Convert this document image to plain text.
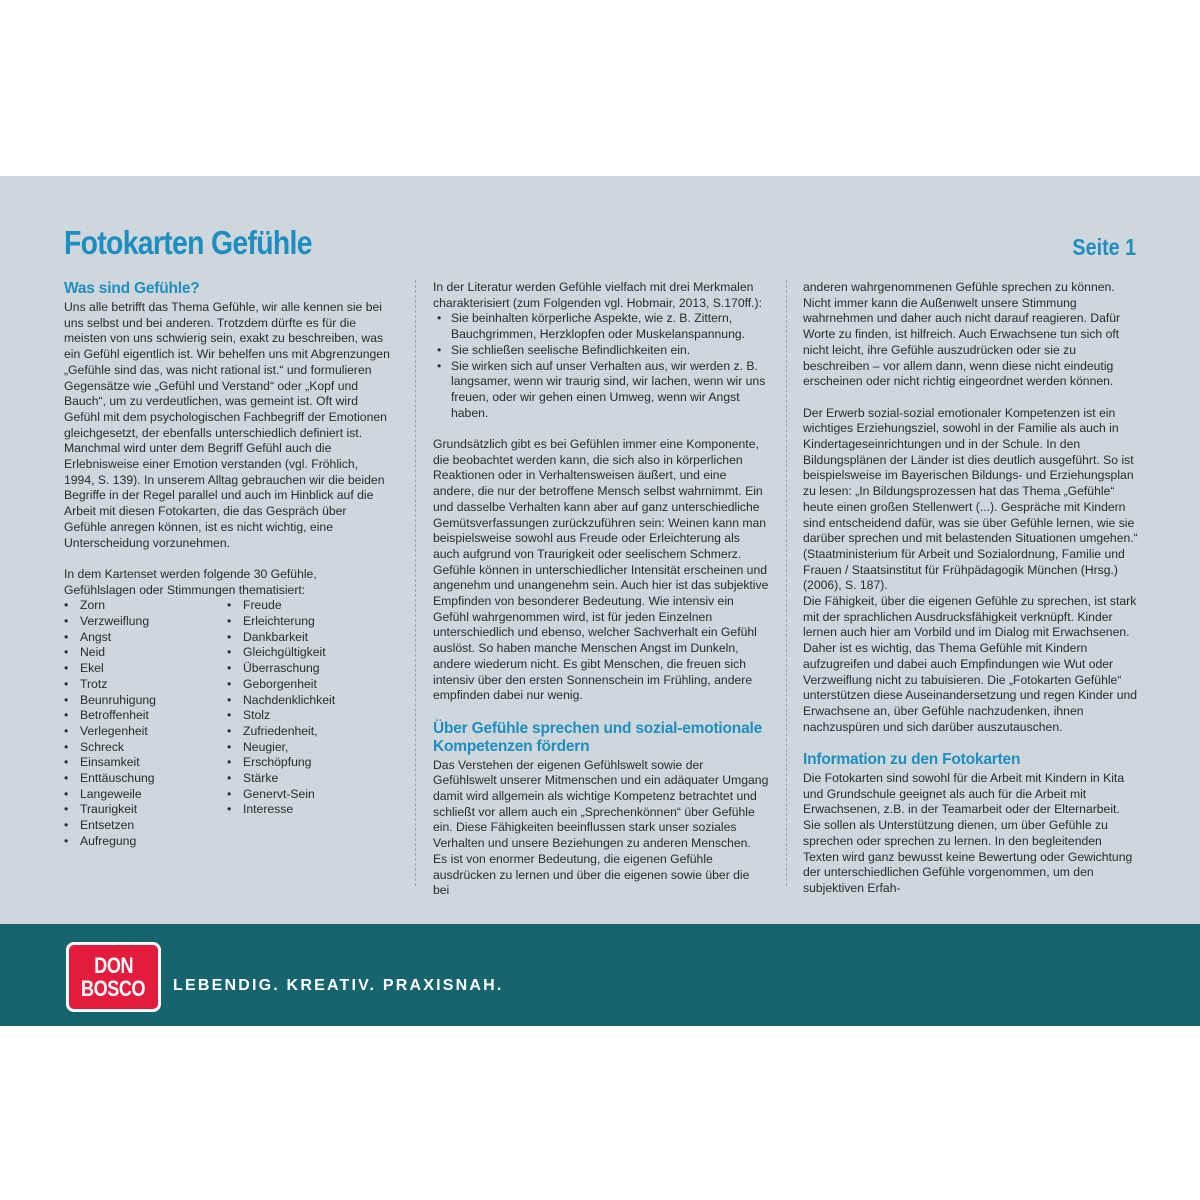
Fotokarten Gefühle	Seite 1
Was sind Gefühle?

Uns alle betrifft das Thema Gefühle, wir alle kennen sie bei uns selbst und bei anderen. Trotzdem dürfte es für die meisten von uns schwierig sein, exakt zu beschreiben, was ein Gefühl eigentlich ist. Wir behelfen uns mit Abgrenzungen „Gefühle sind das, was nicht rational ist.“ und formulieren Gegensätze wie „Gefühl und Verstand“ oder „Kopf und Bauch“, um zu verdeutlichen, was gemeint ist. Oft wird Gefühl mit dem psychologischen Fachbegriff der Emotionen gleichgesetzt, der ebenfalls unterschiedlich definiert ist. Manchmal wird unter dem Begriff Gefühl auch die Erlebnisweise einer Emotion verstanden (vgl. Fröhlich, 1994, S. 139). In unserem Alltag gebrauchen wir die beiden Begriffe in der Regel parallel und auch im Hinblick auf die Arbeit mit diesen Fotokarten, die das Gespräch über Gefühle anregen können, ist es nicht wichtig, eine Unterscheidung vorzunehmen.

In dem Kartenset werden folgende 30 Gefühle, Gefühlslagen oder Stimmungen thematisiert:

• Zorn
• Verzweiflung
• Angst
• Neid
• Ekel
• Trotz
• Beunruhigung
• Betroffenheit
• Verlegenheit
• Schreck
• Einsamkeit
• Enttäuschung
• Langeweile
• Traurigkeit
• Entsetzen
• Aufregung
• Freude
• Erleichterung
• Dankbarkeit
• Gleichgültigkeit
• Überraschung
• Geborgenheit
• Nachdenklichkeit
• Stolz
• Zufriedenheit,
• Neugier,
• Erschöpfung
• Stärke
• Genervt-Sein
• Interesse

In der Literatur werden Gefühle vielfach mit drei Merkmalen charakterisiert (zum Folgenden vgl. Hobmair, 2013, S.170ff.):

• Sie beinhalten körperliche Aspekte, wie z. B. Zittern, Bauchgrimmen, Herzklopfen oder Muskelanspannung.
• Sie schließen seelische Befindlichkeiten ein.
• Sie wirken sich auf unser Verhalten aus, wir werden z. B. langsamer, wenn wir traurig sind, wir lachen, wenn wir uns freuen, oder wir gehen einen Umweg, wenn wir Angst haben.

Grundsätzlich gibt es bei Gefühlen immer eine Komponente, die beobachtet werden kann, die sich also in körperlichen Reaktionen oder in Verhaltensweisen äußert, und eine andere, die nur der betroffene Mensch selbst wahrnimmt. Ein und dasselbe Verhalten kann aber auf ganz unterschiedliche Gemütsverfassungen zurückzuführen sein: Weinen kann man beispielsweise sowohl aus Freude oder Erleichterung als auch aufgrund von Traurigkeit oder seelischem Schmerz. Gefühle können in unterschiedlicher Intensität erscheinen und angenehm und unangenehm sein. Auch hier ist das subjektive Empfinden von besonderer Bedeutung. Wie intensiv ein Gefühl wahrgenommen wird, ist für jeden Einzelnen unterschiedlich und ebenso, welcher Sachverhalt ein Gefühl auslöst. So haben manche Menschen Angst im Dunkeln, andere wiederum nicht. Es gibt Menschen, die freuen sich intensiv über den ersten Sonnenschein im Frühling, andere empfinden dabei nur wenig.

Über Gefühle sprechen und sozial-emotionale Kompetenzen fördern

Das Verstehen der eigenen Gefühlswelt sowie der Gefühlswelt unserer Mitmenschen und ein adäquater Umgang damit wird allgemein als wichtige Kompetenz betrachtet und schließt vor allem auch ein „Sprechenkönnen“ über Gefühle ein. Diese Fähigkeiten beeinflussen stark unser soziales Verhalten und unsere Beziehungen zu anderen Menschen.

Es ist von enormer Bedeutung, die eigenen Gefühle ausdrücken zu lernen und über die eigenen sowie über die bei

anderen wahrgenommenen Gefühle sprechen zu können. Nicht immer kann die Außenwelt unsere Stimmung wahrnehmen und daher auch nicht darauf reagieren. Dafür Worte zu finden, ist hilfreich. Auch Erwachsene tun sich oft nicht leicht, ihre Gefühle auszudrücken oder sie zu beschreiben – vor allem dann, wenn diese nicht eindeutig erscheinen oder nicht richtig eingeordnet werden können.

Der Erwerb sozial-sozial emotionaler Kompetenzen ist ein wichtiges Erziehungsziel, sowohl in der Familie als auch in Kindertageseinrichtungen und in der Schule. In den Bildungsplänen der Länder ist dies deutlich ausgeführt. So ist beispielsweise im Bayerischen Bildungs- und Erziehungsplan zu lesen: „In Bildungsprozessen hat das Thema „Gefühle“ heute einen großen Stellenwert (...). Gespräche mit Kindern sind entscheidend dafür, was sie über Gefühle lernen, wie sie darüber sprechen und mit belastenden Situationen umgehen.“ (Staatministerium für Arbeit und Sozialordnung, Familie und Frauen / Staatsinstitut für Frühpädagogik München (Hrsg.) (2006), S. 187).

Die Fähigkeit, über die eigenen Gefühle zu sprechen, ist stark mit der sprachlichen Ausdrucksfähigkeit verknüpft. Kinder lernen auch hier am Vorbild und im Dialog mit Erwachsenen. Daher ist es wichtig, das Thema Gefühle mit Kindern aufzugreifen und dabei auch Empfindungen wie Wut oder Verzweiflung nicht zu tabuisieren. Die „Fotokarten Gefühle“ unterstützen diese Auseinandersetzung und regen Kinder und Erwachsene an, über Gefühle nachzudenken, ihnen nachzuspüren und sich darüber auszutauschen.

Information zu den Fotokarten

Die Fotokarten sind sowohl für die Arbeit mit Kindern in Kita und Grundschule geeignet als auch für die Arbeit mit Erwachsenen, z.B. in der Teamarbeit oder der Elternarbeit. Sie sollen als Unterstützung dienen, um über Gefühle zu sprechen oder sprechen zu lernen. In den begleitenden Texten wird ganz bewusst keine Bewertung oder Gewichtung der unterschiedlichen Gefühle vorgenommen, um den subjektiven Erfah-

DON
BOSCO LEBENDIG. KREATIV. PRAXISNAH.
